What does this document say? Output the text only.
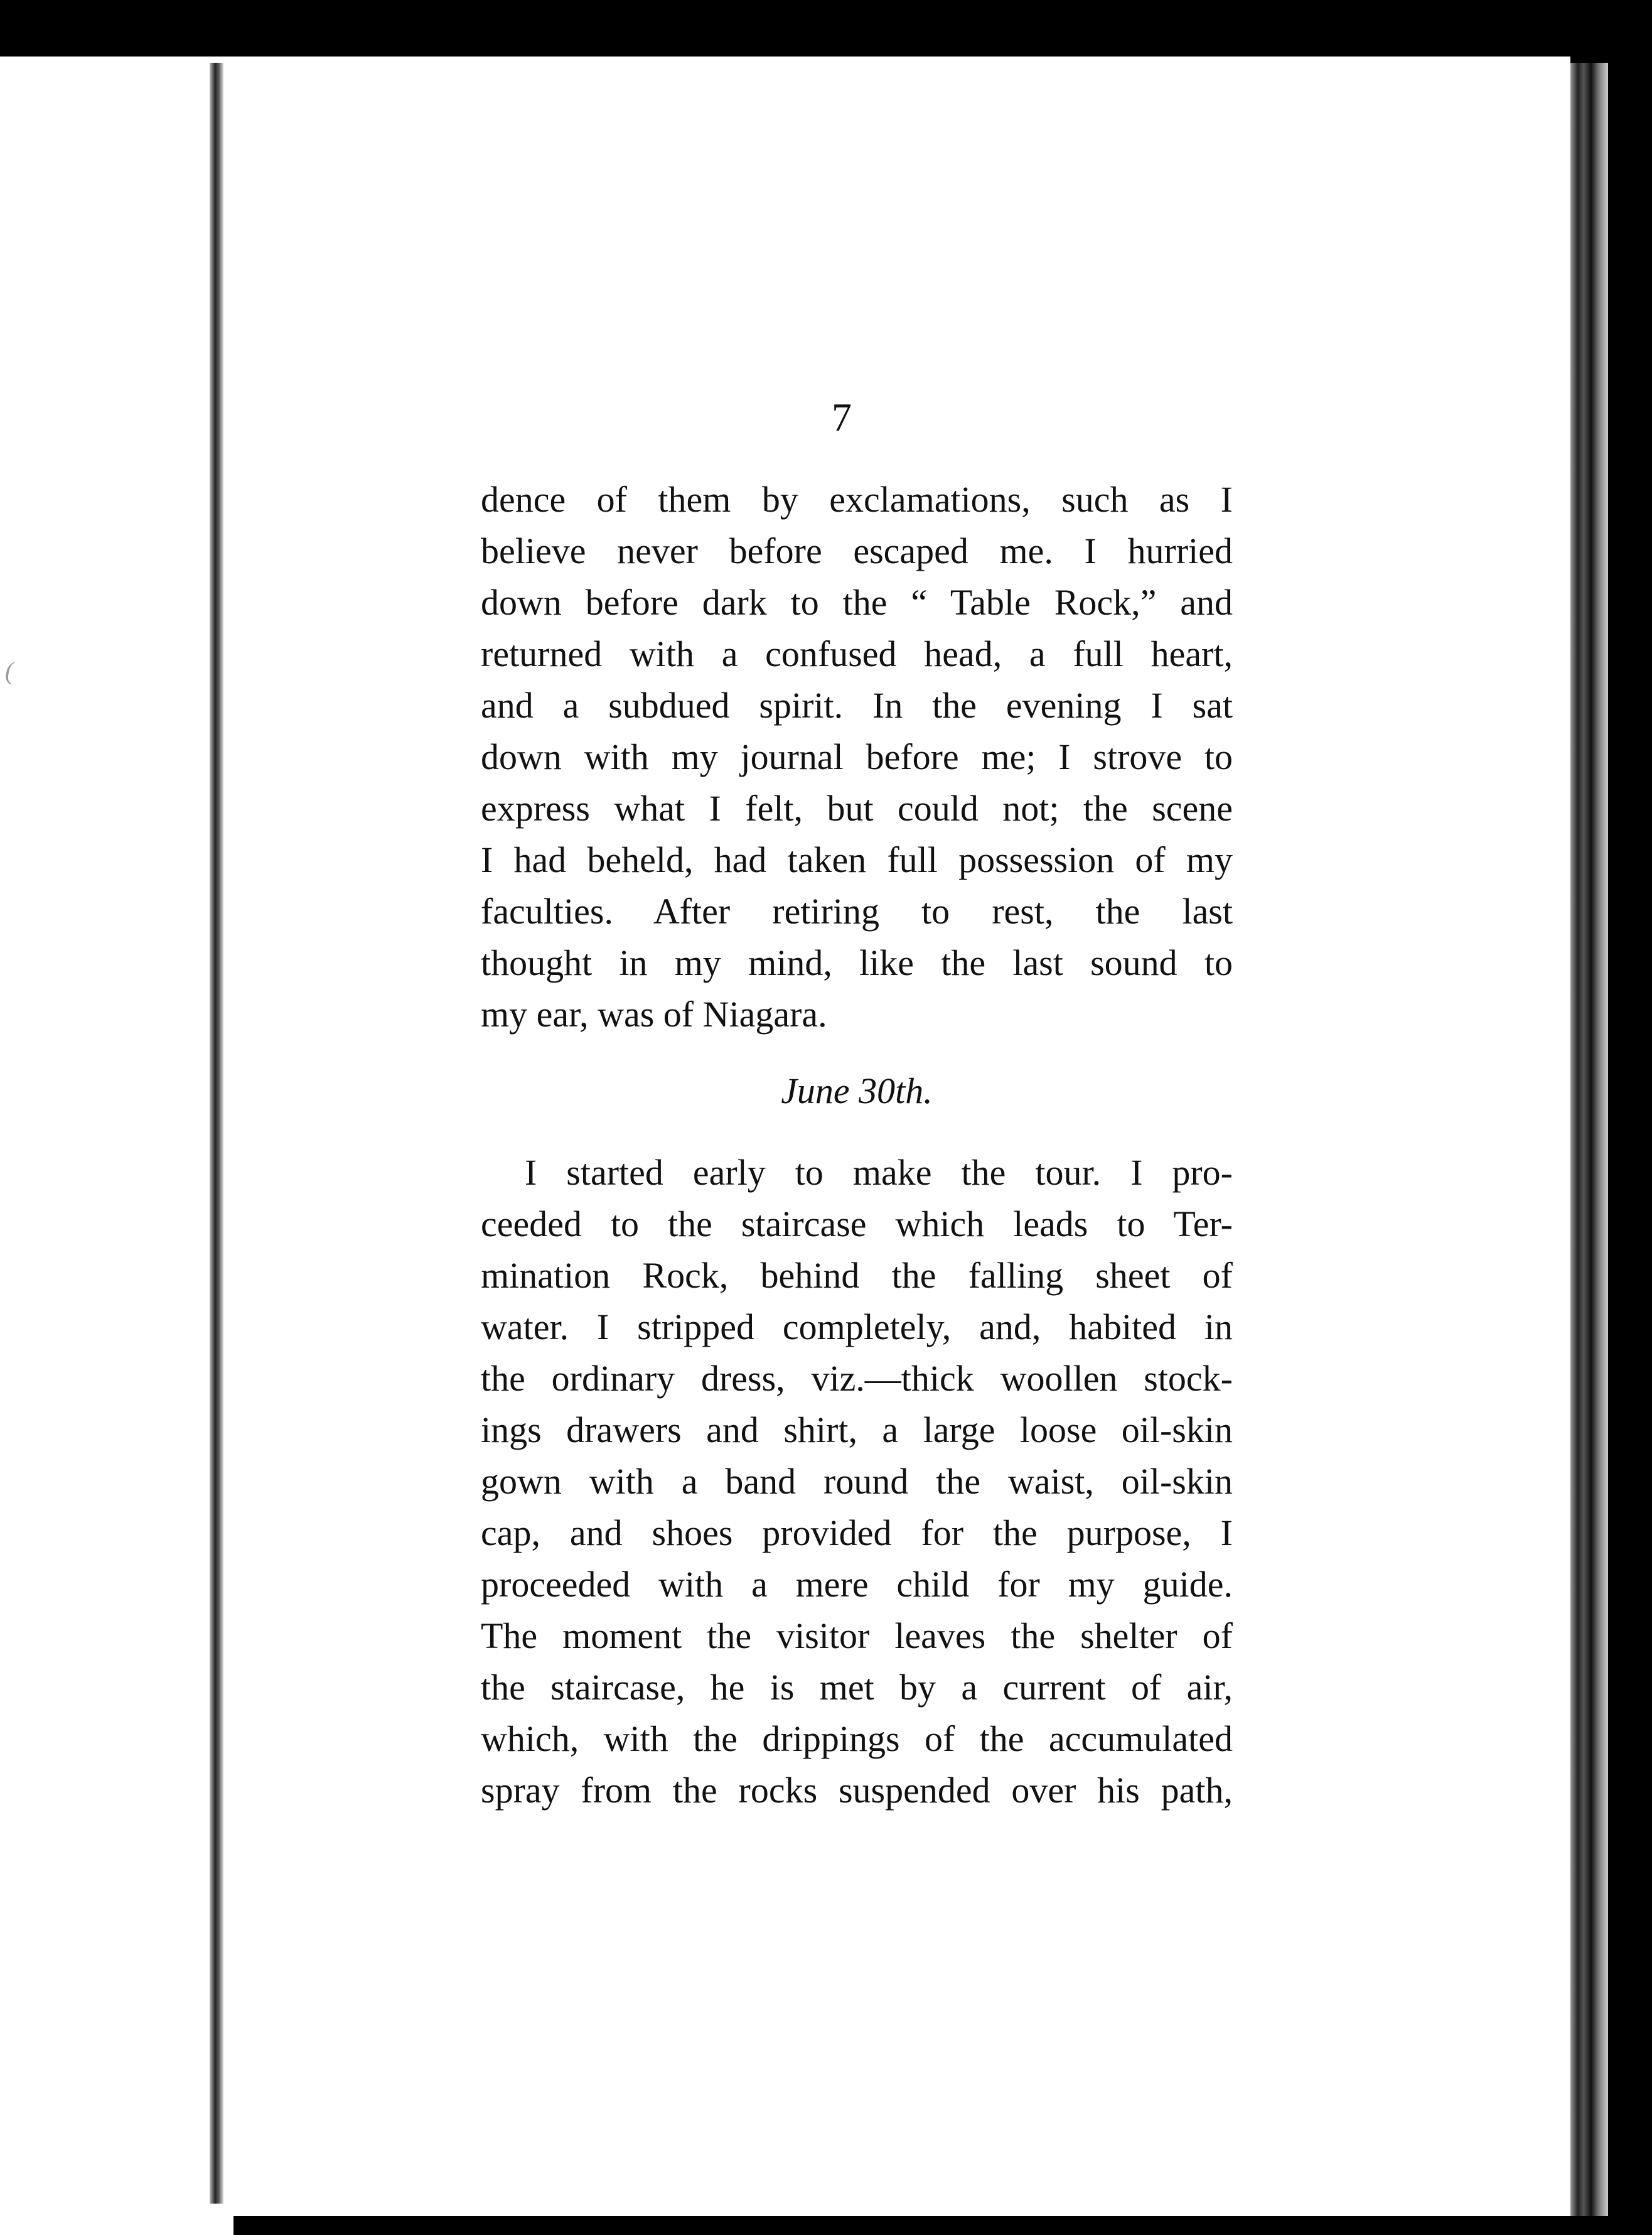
(
7
dence of them by exclamations, such as I
believe never before escaped me. I hurried
down before dark to the “ Table Rock,” and
returned with a confused head, a full heart,
and a subdued spirit. In the evening I sat
down with my journal before me; I strove to
express what I felt, but could not; the scene
I had beheld, had taken full possession of my
faculties. After retiring to rest, the last
thought in my mind, like the last sound to
my ear, was of Niagara.
June 30th.
I started early to make the tour. I pro-
ceeded to the staircase which leads to Ter-
mination Rock, behind the falling sheet of
water. I stripped completely, and, habited in
the ordinary dress, viz.—thick woollen stock-
ings drawers and shirt, a large loose oil-skin
gown with a band round the waist, oil-skin
cap, and shoes provided for the purpose, I
proceeded with a mere child for my guide.
The moment the visitor leaves the shelter of
the staircase, he is met by a current of air,
which, with the drippings of the accumulated
spray from the rocks suspended over his path,
